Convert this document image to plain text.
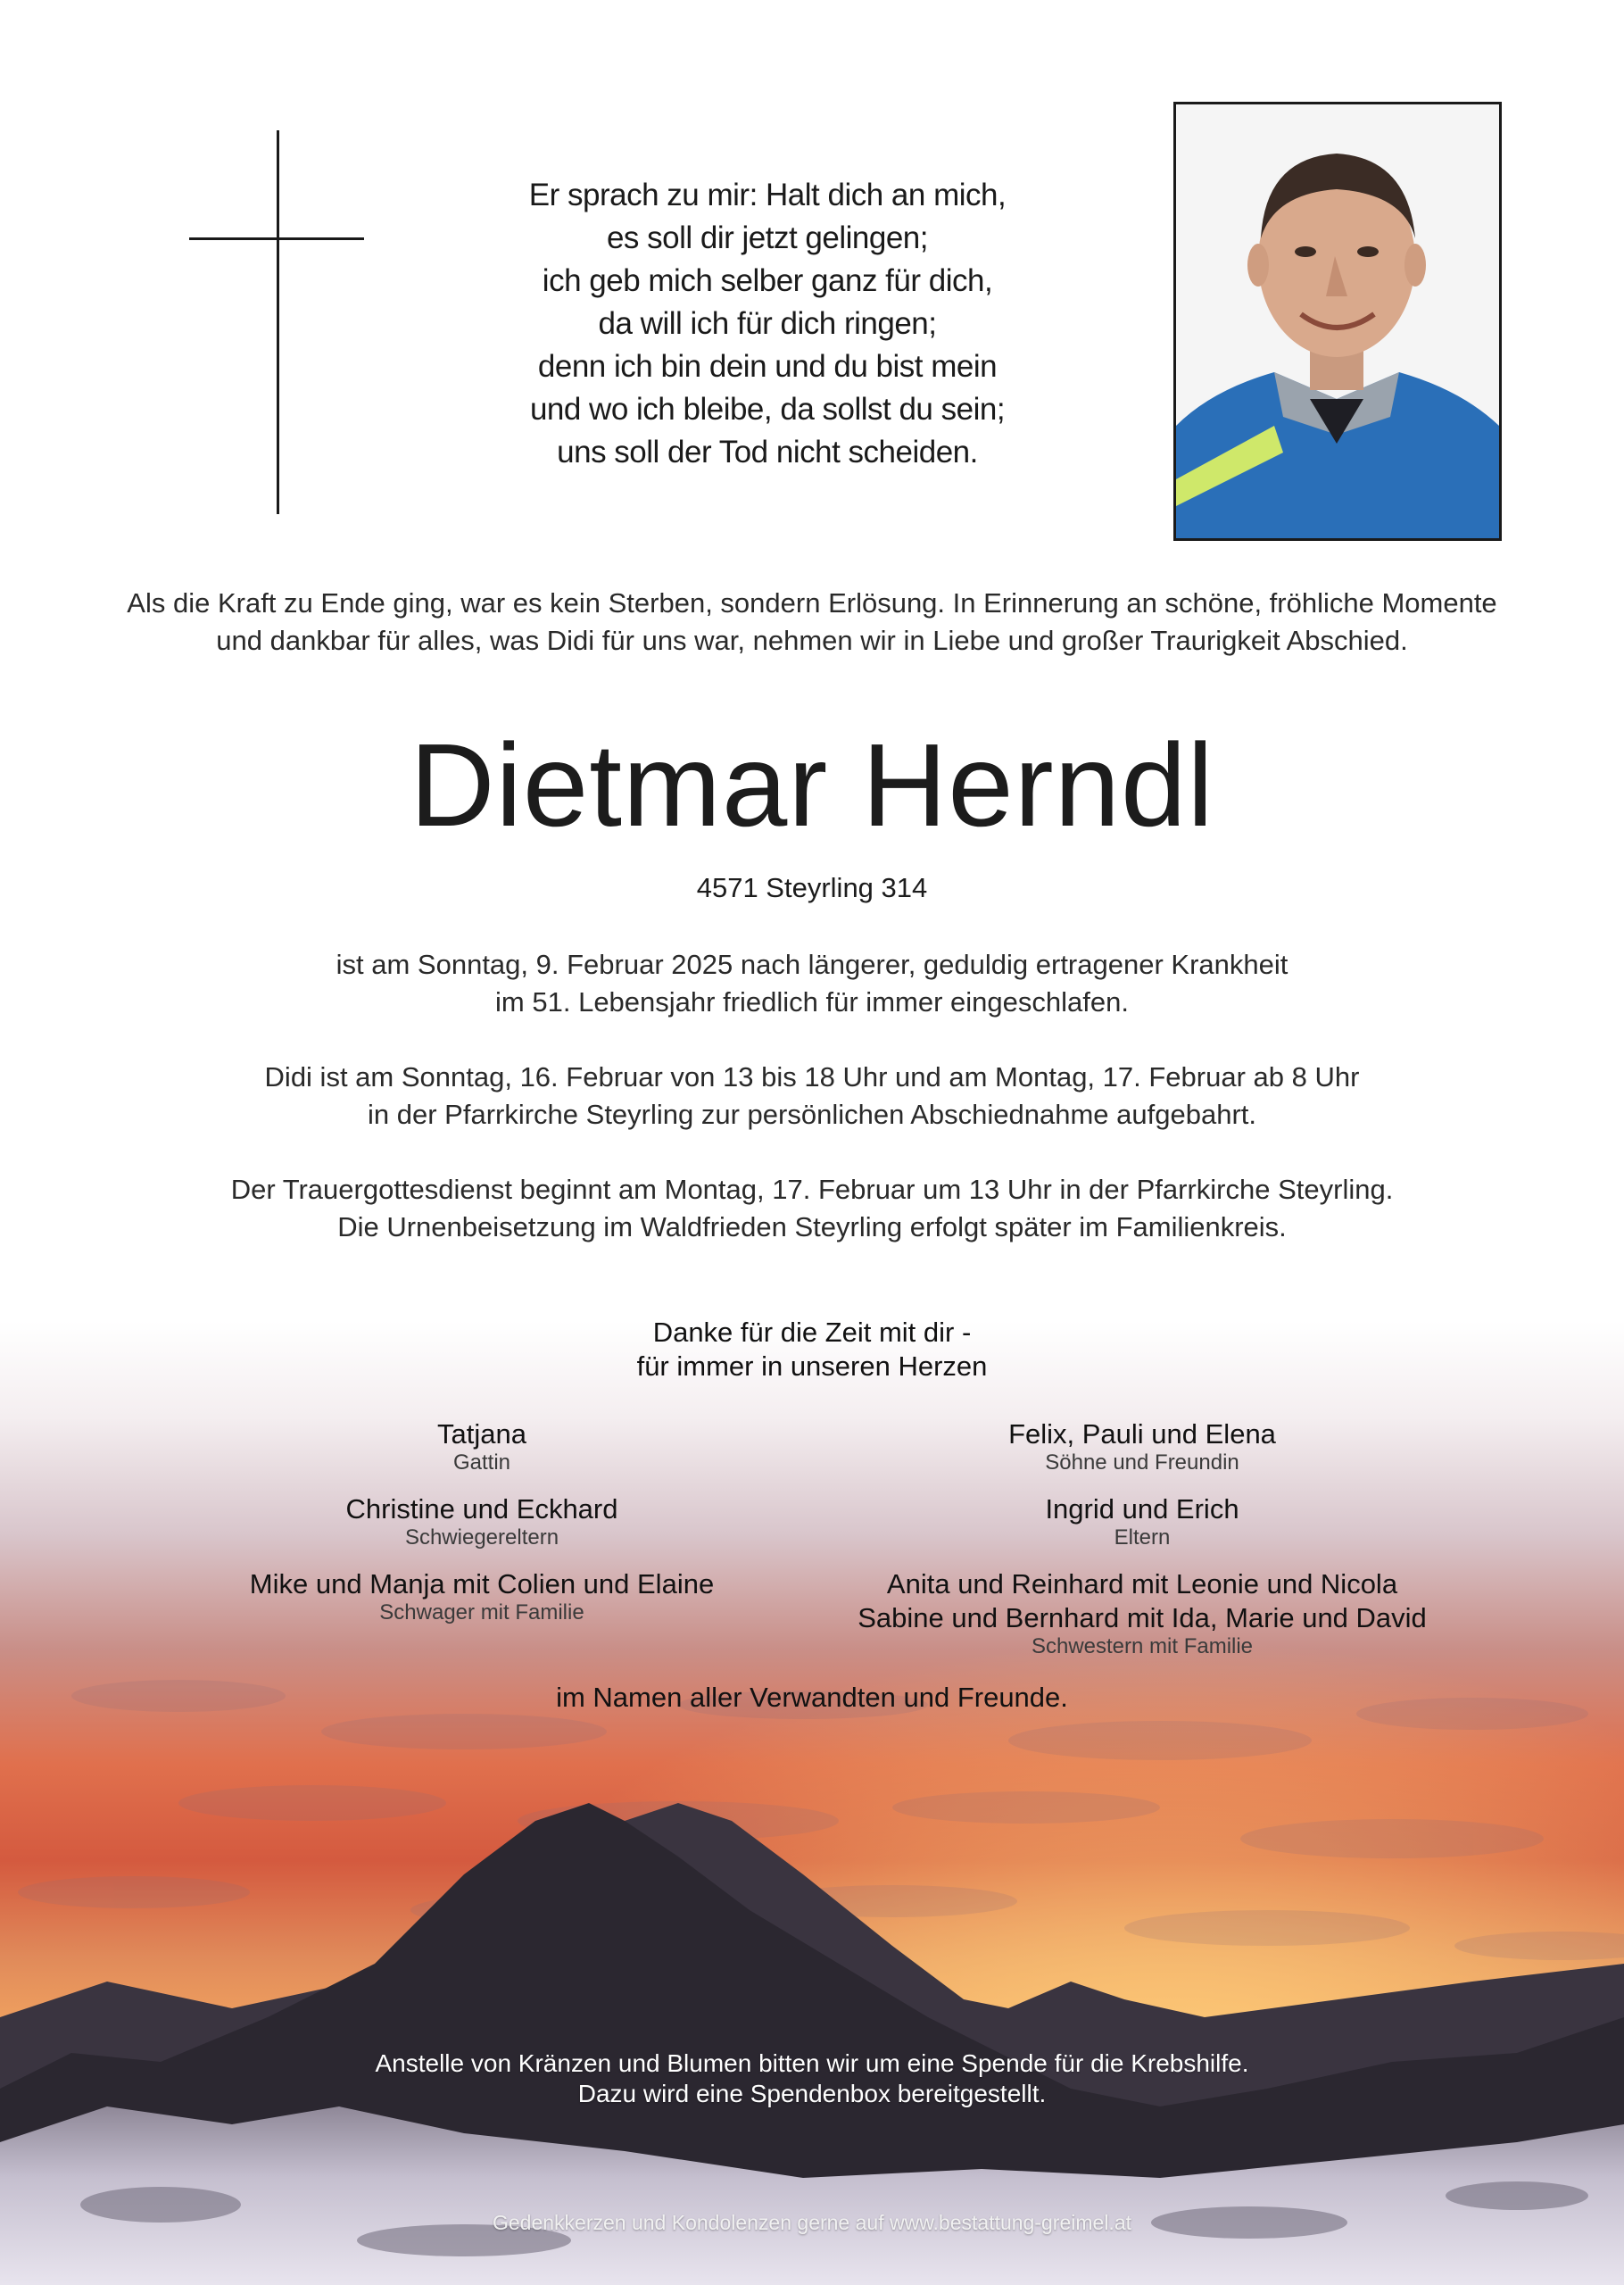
Er sprach zu mir: Halt dich an mich,
es soll dir jetzt gelingen;
ich geb mich selber ganz für dich,
da will ich für dich ringen;
denn ich bin dein und du bist mein
und wo ich bleibe, da sollst du sein;
uns soll der Tod nicht scheiden.
Als die Kraft zu Ende ging, war es kein Sterben, sondern Erlösung. In Erinnerung an schöne, fröhliche Momente
und dankbar für alles, was Didi für uns war, nehmen wir in Liebe und großer Traurigkeit Abschied.
Dietmar Herndl
4571 Steyrling 314
ist am Sonntag, 9. Februar 2025 nach längerer, geduldig ertragener Krankheit
im 51. Lebensjahr friedlich für immer eingeschlafen.
Didi ist am Sonntag, 16. Februar von 13 bis 18 Uhr und am Montag, 17. Februar ab 8 Uhr
in der Pfarrkirche Steyrling zur persönlichen Abschiednahme aufgebahrt.
Der Trauergottesdienst beginnt am Montag, 17. Februar um 13 Uhr in der Pfarrkirche Steyrling.
Die Urnenbeisetzung im Waldfrieden Steyrling erfolgt später im Familienkreis.
Danke für die Zeit mit dir -
für immer in unseren Herzen
Tatjana
Gattin
Christine und Eckhard
Schwiegereltern
Mike und Manja mit Colien und Elaine
Schwager mit Familie
Felix, Pauli und Elena
Söhne und Freundin
Ingrid und Erich
Eltern
Anita und Reinhard mit Leonie und Nicola
Sabine und Bernhard mit Ida, Marie und David
Schwestern mit Familie
im Namen aller Verwandten und Freunde.
Anstelle von Kränzen und Blumen bitten wir um eine Spende für die Krebshilfe.
Dazu wird eine Spendenbox bereitgestellt.
Gedenkkerzen und Kondolenzen gerne auf www.bestattung-greimel.at
